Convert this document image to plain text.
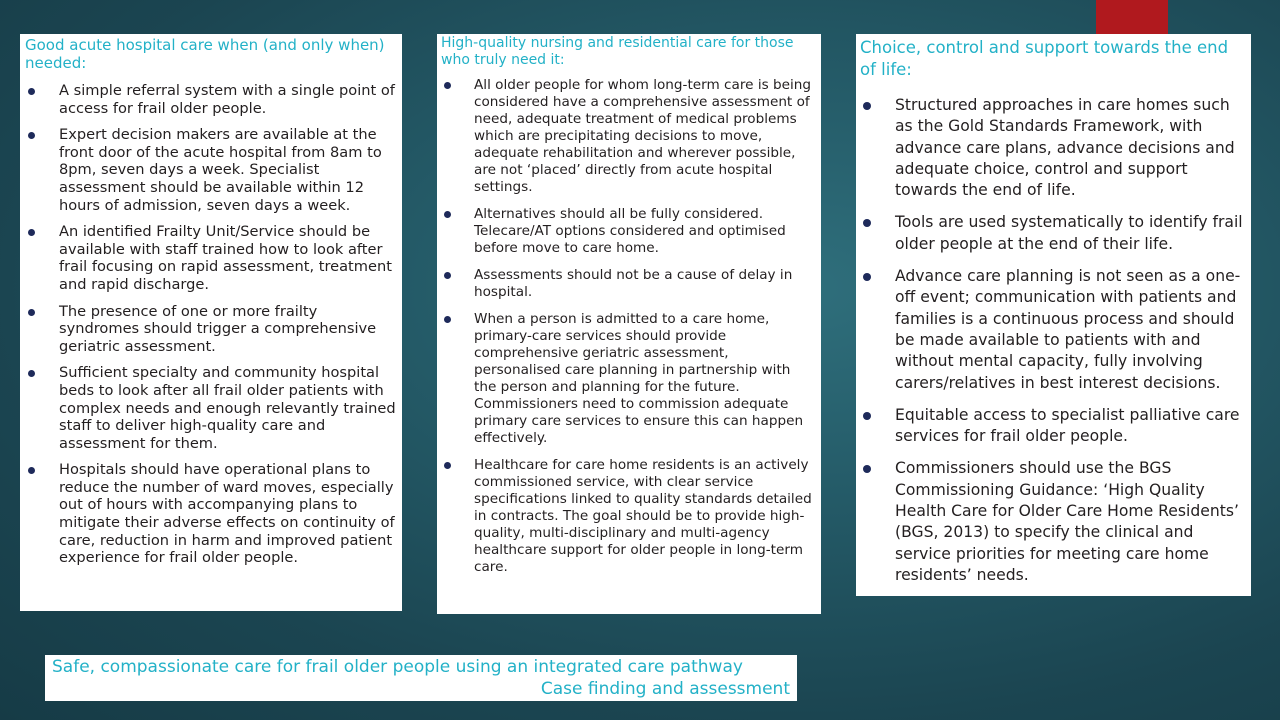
Good acute hospital care when (and only when) needed:
A simple referral system with a single point of access for frail older people.
Expert decision makers are available at the front door of the acute hospital from 8am to 8pm, seven days a week. Specialist assessment should be available within 12 hours of admission, seven days a week.
An identified Frailty Unit/Service should be available with staff trained how to look after frail focusing on rapid assessment, treatment and rapid discharge.
The presence of one or more frailty syndromes should trigger a comprehensive geriatric assessment.
Sufficient specialty and community hospital beds to look after all frail older patients with complex needs and enough relevantly trained staff to deliver high-quality care and assessment for them.
Hospitals should have operational plans to reduce the number of ward moves, especially out of hours with accompanying plans to mitigate their adverse effects on continuity of care, reduction in harm and improved patient experience for frail older people.
High-quality nursing and residential care for those who truly need it:
All older people for whom long-term care is being considered have a comprehensive assessment of need, adequate treatment of medical problems which are precipitating decisions to move, adequate rehabilitation and wherever possible, are not ‘placed’ directly from acute hospital settings.
Alternatives should all be fully considered. Telecare/AT options considered and optimised before move to care home.
Assessments should not be a cause of delay in hospital.
When a person is admitted to a care home, primary-care services should provide comprehensive geriatric assessment, personalised care planning in partnership with the person and planning for the future. Commissioners need to commission adequate primary care services to ensure this can happen effectively.
Healthcare for care home residents is an actively commissioned service, with clear service specifications linked to quality standards detailed in contracts. The goal should be to provide high-quality, multi-disciplinary and multi-agency healthcare support for older people in long-term care.
Choice, control and support towards the end of life:
Structured approaches in care homes such as the Gold Standards Framework, with advance care plans, advance decisions and adequate choice, control and support towards the end of life.
Tools are used systematically to identify frail older people at the end of their life.
Advance care planning is not seen as a one-off event; communication with patients and families is a continuous process and should be made available to patients with and without mental capacity, fully involving carers/relatives in best interest decisions.
Equitable access to specialist palliative care services for frail older people.
Commissioners should use the BGS Commissioning Guidance: ‘High Quality Health Care for Older Care Home Residents’ (BGS, 2013) to specify the clinical and service priorities for meeting care home residents’ needs.
Safe, compassionate care for frail older people using an integrated care pathway
Case finding and assessment
